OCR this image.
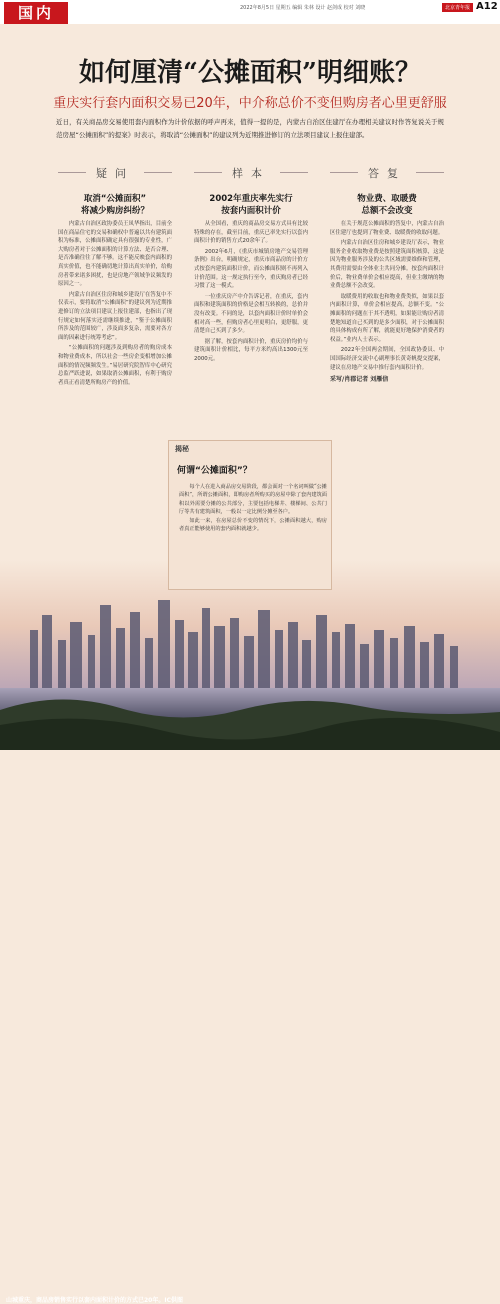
国内	2022年8月5日 星期五 编辑 朱林 设计 赵剑成 校对 刘晓	北京青年报 A12
如何厘清“公摊面积”明细账？
重庆实行套内面积交易已20年，中介称总价不变但购房者心里更舒服

近日，有关商品房交易使用套内面积作为计价依据的呼声再来，值得一提的是，内蒙古自治区住建厅在办理相关建议时作答复说关于规范房屋“公摊面积”的提案》时表示，将取消“公摊面积”的建议列为近期推进修订的立法项目建议上报住建部。

疑问
取消“公摊面积”
将减少购房纠纷？

内蒙古自治区政协委员王凤华指出，目前全国在商品住宅的交易和确权中普遍以共有建筑面积为标准，公摊面积确定具有很强的专业性，广大购房者对于公摊面积的计算方法、是否合理、是否准确往往了解不够。这不能反映套内面积的真实价值，也不能确切地计算出真实单价，给购房者带来诸多困扰，也是房地产领域争议频发的原因之一。

内蒙古自治区住房和城乡建设厅在答复中不仅表示，要将取消“公摊面积”的建议列为近期推进修订的立法项目建议上报住建部，也指出了现行规定如何落实还需继续推进，“鉴于公摊面积所涉及的范围较广，涉及面多复杂，需要对各方面的因素进行统筹考虑”。

“公摊面积的问题涉及到购房者的购房成本和物业费成本，所以社会一些房企变相增加公摊面积的情况频频发生。”易居研究院智库中心研究总监严跃进说，如果取消公摊面积，有利于购房者真正看清楚所购房产的价值。

样本
2002年重庆率先实行
按套内面积计价

从全国看，重庆的商品房交易方式具有比较特殊的存在，截至目前，重庆已率先实行以套内面积计价的销售方式20余年了。

2002年6月，《重庆市城镇房地产交易管理条例》出台，明确规定，重庆市商品房的计价方式按套内建筑面积计价，而公摊面积则不再列入计价范围。这一规定执行至今，重庆购房者已经习惯了这一模式。

一位重庆房产中介告诉记者，在重庆，套内面积和建筑面积的价格是会相互转换的，总价并没有改变。不同的是，以套内面积计价时单价会相对高一些，但购房者心里更明白，更舒服，更清楚自己买到了多少。

据了解，按套内面积计价，重庆房价均价与建筑面积计价相比，每平方米约高出1300元至2000元。

答复
物业费、取暖费
总额不会改变

在关于规范公摊面积的答复中，内蒙古自治区住建厅也提到了物业费、取暖费的收取问题。

内蒙古自治区住房和城乡建设厅表示，物业服务企业收取物业费是按照建筑面积核算，这是因为物业服务涉及的公共区域需要维修和管理，其费用需要由全体业主共同分摊。按套内面积计价后，物业费单价会相应提高，但业主缴纳的物业费总额不会改变。

取暖费用的收取也和物业费类似，如果以套内面积计算，单价会相应提高，总额不变。“公摊面积的问题在于其不透明，如果能让购房者清楚地知道自己买到的是多少面积，对于公摊面积的具体构成有所了解，就能更好地保护消费者的权益。”业内人士表示。

2022年全国两会期间，全国政协委员、中国国际经济交流中心副理事长黄奇帆提交提案，建议在房地产交易中推行套内面积计价。

采写/肖郡记者 刘雁信
山城重庆，商品房销售实行以套内面积计价的方式已20年。IC供图
揭秘
何谓“公摊面积”？

每个人在进入商品房交易阶段，都会面对一个名词叫做“公摊面积”，所谓公摊面积，即购房者所购买的房屋中除了套内建筑面积以外需要分摊的公共部分，主要包括电梯井、楼梯间、公共门厅等共有建筑面积，一般以一定比例分摊至各户。

如此一来，在房屋总价不变的情况下，公摊面积越大，购房者真正能够使用的套内面积就越少。
